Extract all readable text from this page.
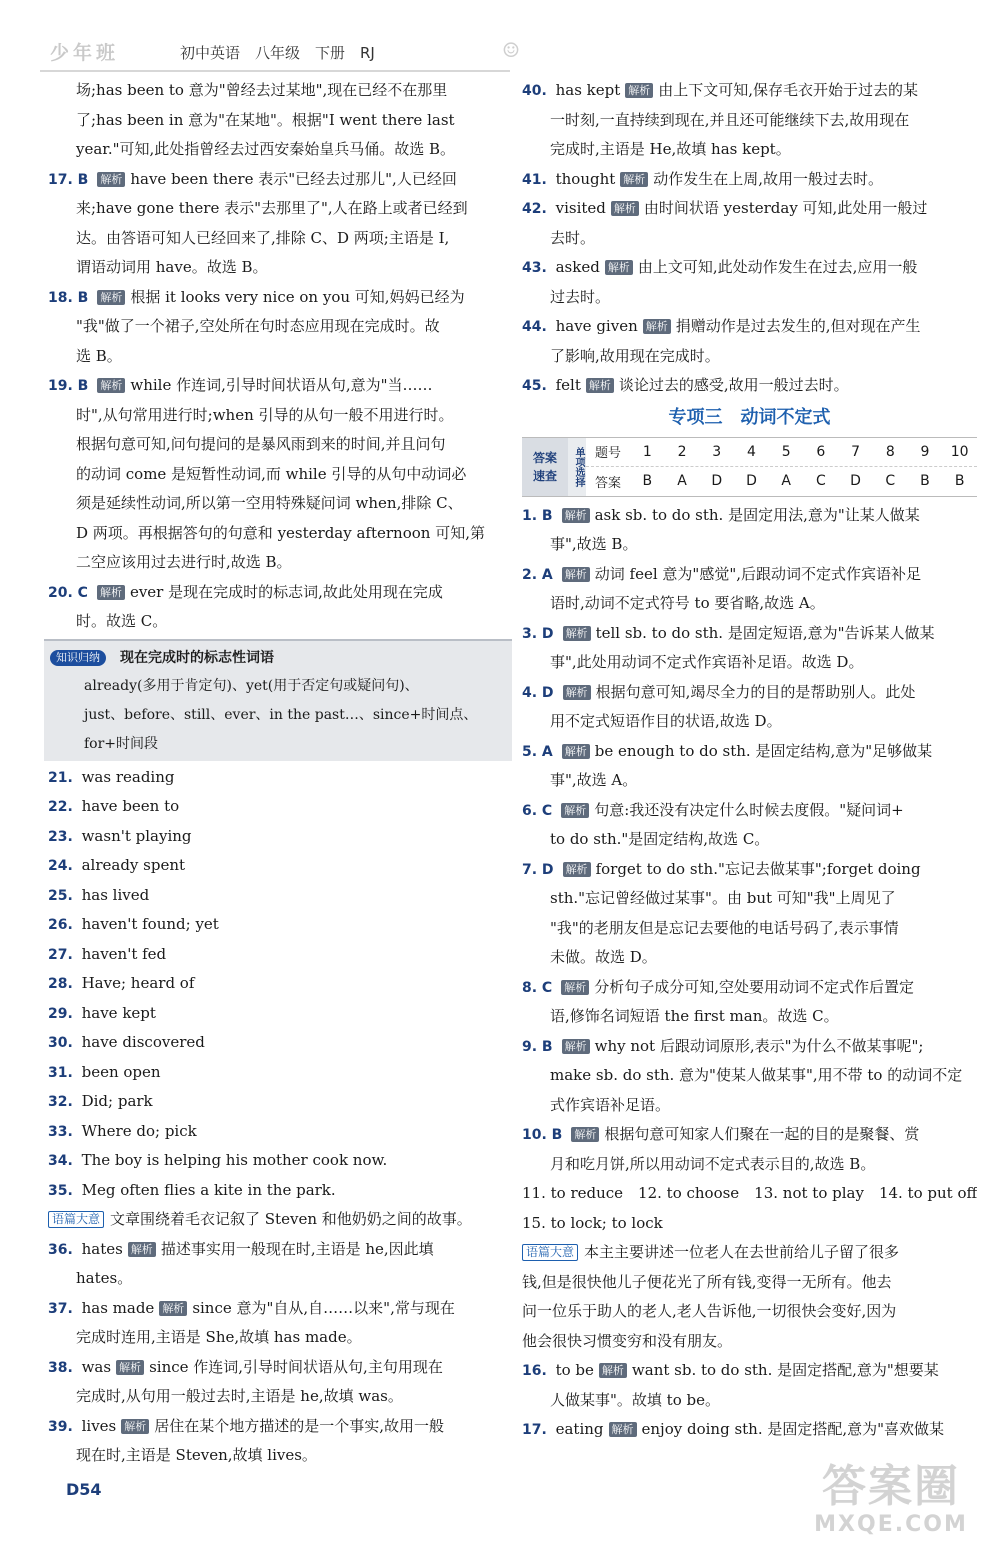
少年班	初中英语　八年级　下册　RJ	☺
场;has been to 意为"曾经去过某地",现在已经不在那里
了;has been in 意为"在某地"。根据"I went there last
year."可知,此处指曾经去过西安秦始皇兵马俑。故选 B。
17. B 解析 have been there 表示"已经去过那儿",人已经回
来;have gone there 表示"去那里了",人在路上或者已经到
达。由答语可知人已经回来了,排除 C、D 两项;主语是 I,
谓语动词用 have。故选 B。
18. B 解析 根据 it looks very nice on you 可知,妈妈已经为
"我"做了一个裙子,空处所在句时态应用现在完成时。故
选 B。
19. B 解析 while 作连词,引导时间状语从句,意为"当……
时",从句常用进行时;when 引导的从句一般不用进行时。
根据句意可知,问句提问的是暴风雨到来的时间,并且问句
的动词 come 是短暂性动词,而 while 引导的从句中动词必
须是延续性动词,所以第一空用特殊疑问词 when,排除 C、
D 两项。再根据答句的句意和 yesterday afternoon 可知,第
二空应该用过去进行时,故选 B。
20. C 解析 ever 是现在完成时的标志词,故此处用现在完成
时。故选 C。
知识归纳 现在完成时的标志性词语
already(多用于肯定句)、yet(用于否定句或疑问句)、
just、before、still、ever、in the past…、since+时间点、
for+时间段
21. was reading
22. have been to
23. wasn't playing
24. already spent
25. has lived
26. haven't found; yet
27. haven't fed
28. Have; heard of
29. have kept
30. have discovered
31. been open
32. Did; park
33. Where do; pick
34. The boy is helping his mother cook now.
35. Meg often flies a kite in the park.
语篇大意 文章围绕着毛衣记叙了 Steven 和他奶奶之间的故事。
36. hates 解析 描述事实用一般现在时,主语是 he,因此填
hates。
37. has made 解析 since 意为"自从,自……以来",常与现在
完成时连用,主语是 She,故填 has made。
38. was 解析 since 作连词,引导时间状语从句,主句用现在
完成时,从句用一般过去时,主语是 he,故填 was。
39. lives 解析 居住在某个地方描述的是一个事实,故用一般
现在时,主语是 Steven,故填 lives。
40. has kept 解析 由上下文可知,保存毛衣开始于过去的某
一时刻,一直持续到现在,并且还可能继续下去,故用现在
完成时,主语是 He,故填 has kept。
41. thought 解析 动作发生在上周,故用一般过去时。
42. visited 解析 由时间状语 yesterday 可知,此处用一般过
去时。
43. asked 解析 由上文可知,此处动作发生在过去,应用一般
过去时。
44. have given 解析 捐赠动作是过去发生的,但对现在产生
了影响,故用现在完成时。
45. felt 解析 谈论过去的感受,故用一般过去时。
专项三　动词不定式
答案
速查	单项选择 题号	1	2	3	4	5	6	7	8	9	10
答案	B	A	D	D	A	C	D	C	B	B
1. B 解析 ask sb. to do sth. 是固定用法,意为"让某人做某
事",故选 B。
2. A 解析 动词 feel 意为"感觉",后跟动词不定式作宾语补足
语时,动词不定式符号 to 要省略,故选 A。
3. D 解析 tell sb. to do sth. 是固定短语,意为"告诉某人做某
事",此处用动词不定式作宾语补足语。故选 D。
4. D 解析 根据句意可知,竭尽全力的目的是帮助别人。此处
用不定式短语作目的状语,故选 D。
5. A 解析 be enough to do sth. 是固定结构,意为"足够做某
事",故选 A。
6. C 解析 句意:我还没有决定什么时候去度假。"疑问词+
to do sth."是固定结构,故选 C。
7. D 解析 forget to do sth."忘记去做某事";forget doing
sth."忘记曾经做过某事"。由 but 可知"我"上周见了
"我"的老朋友但是忘记去要他的电话号码了,表示事情
未做。故选 D。
8. C 解析 分析句子成分可知,空处要用动词不定式作后置定
语,修饰名词短语 the first man。故选 C。
9. B 解析 why not 后跟动词原形,表示"为什么不做某事呢";
make sb. do sth. 意为"使某人做某事",用不带 to 的动词不定
式作宾语补足语。
10. B 解析 根据句意可知家人们聚在一起的目的是聚餐、赏
月和吃月饼,所以用动词不定式表示目的,故选 B。
11. to reduce　12. to choose　13. not to play　14. to put off
15. to lock; to lock
语篇大意 本主主要讲述一位老人在去世前给儿子留了很多
钱,但是很快他儿子便花光了所有钱,变得一无所有。他去
问一位乐于助人的老人,老人告诉他,一切很快会变好,因为
他会很快习惯变穷和没有朋友。
16. to be 解析 want sb. to do sth. 是固定搭配,意为"想要某
人做某事"。故填 to be。
17. eating 解析 enjoy doing sth. 是固定搭配,意为"喜欢做某
D54	答案圈
MXQE.COM
